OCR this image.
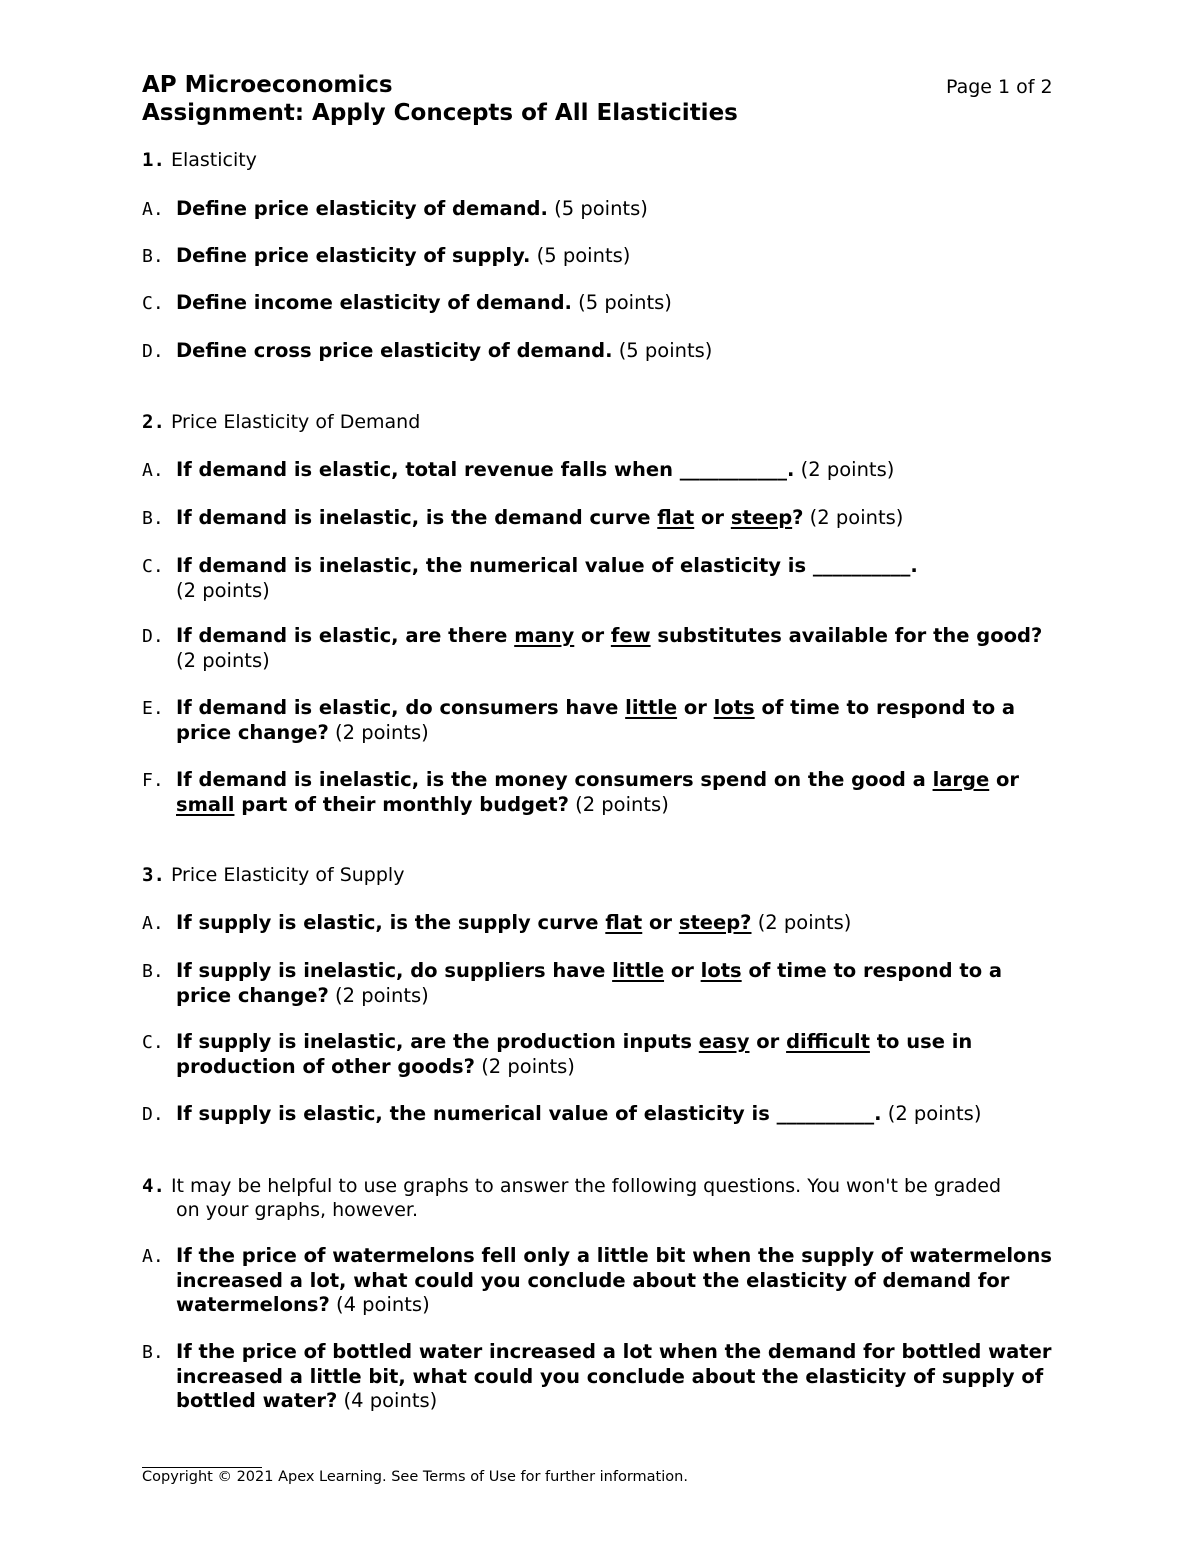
AP Microeconomics	Page 1 of 2
Assignment: Apply Concepts of All Elasticities
1. Elasticity
A. Define price elasticity of demand. (5 points)
B. Define price elasticity of supply. (5 points)
C. Define income elasticity of demand. (5 points)
D. Define cross price elasticity of demand. (5 points)
2. Price Elasticity of Demand
A. If demand is elastic, total revenue falls when ___________. (2 points)
B. If demand is inelastic, is the demand curve flat or steep? (2 points)
C. If demand is inelastic, the numerical value of elasticity is __________.
(2 points)
D. If demand is elastic, are there many or few substitutes available for the good?
(2 points)
E. If demand is elastic, do consumers have little or lots of time to respond to a
price change? (2 points)
F. If demand is inelastic, is the money consumers spend on the good a large or
small part of their monthly budget? (2 points)
3. Price Elasticity of Supply
A. If supply is elastic, is the supply curve flat or steep? (2 points)
B. If supply is inelastic, do suppliers have little or lots of time to respond to a
price change? (2 points)
C. If supply is inelastic, are the production inputs easy or difficult to use in
production of other goods? (2 points)
D. If supply is elastic, the numerical value of elasticity is __________. (2 points)
4. It may be helpful to use graphs to answer the following questions. You won't be graded
on your graphs, however.
A. If the price of watermelons fell only a little bit when the supply of watermelons
increased a lot, what could you conclude about the elasticity of demand for
watermelons? (4 points)
B. If the price of bottled water increased a lot when the demand for bottled water
increased a little bit, what could you conclude about the elasticity of supply of
bottled water? (4 points)
Copyright © 2021 Apex Learning. See Terms of Use for further information.
